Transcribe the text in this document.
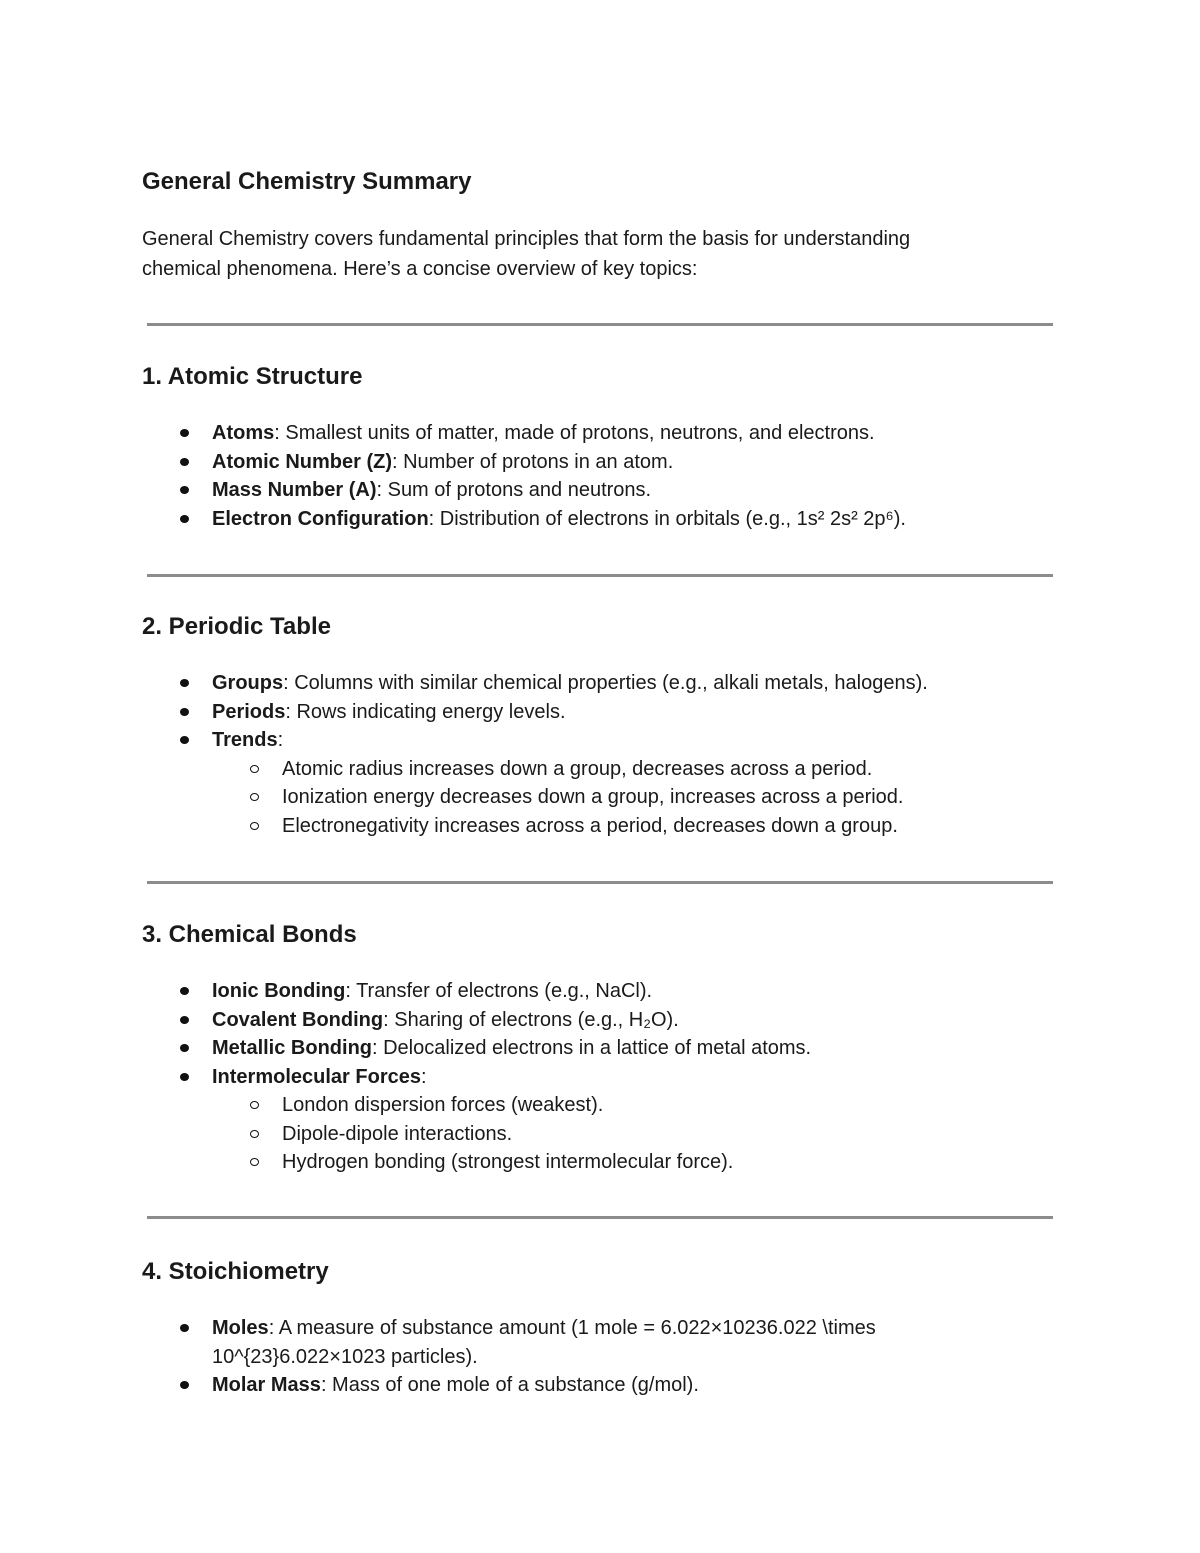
General Chemistry Summary

General Chemistry covers fundamental principles that form the basis for understanding
chemical phenomena. Here’s a concise overview of key topics:

1. Atomic Structure
Atoms: Smallest units of matter, made of protons, neutrons, and electrons.
Atomic Number (Z): Number of protons in an atom.
Mass Number (A): Sum of protons and neutrons.
Electron Configuration: Distribution of electrons in orbitals (e.g., 1s² 2s² 2p⁶).
2. Periodic Table
Groups: Columns with similar chemical properties (e.g., alkali metals, halogens).
Periods: Rows indicating energy levels.
Trends:
Atomic radius increases down a group, decreases across a period.
Ionization energy decreases down a group, increases across a period.
Electronegativity increases across a period, decreases down a group.
3. Chemical Bonds
Ionic Bonding: Transfer of electrons (e.g., NaCl).
Covalent Bonding: Sharing of electrons (e.g., H₂O).
Metallic Bonding: Delocalized electrons in a lattice of metal atoms.
Intermolecular Forces:
London dispersion forces (weakest).
Dipole-dipole interactions.
Hydrogen bonding (strongest intermolecular force).
4. Stoichiometry
Moles: A measure of substance amount (1 mole = 6.022×10236.022 \times
10^{23}6.022×1023 particles).
Molar Mass: Mass of one mole of a substance (g/mol).
